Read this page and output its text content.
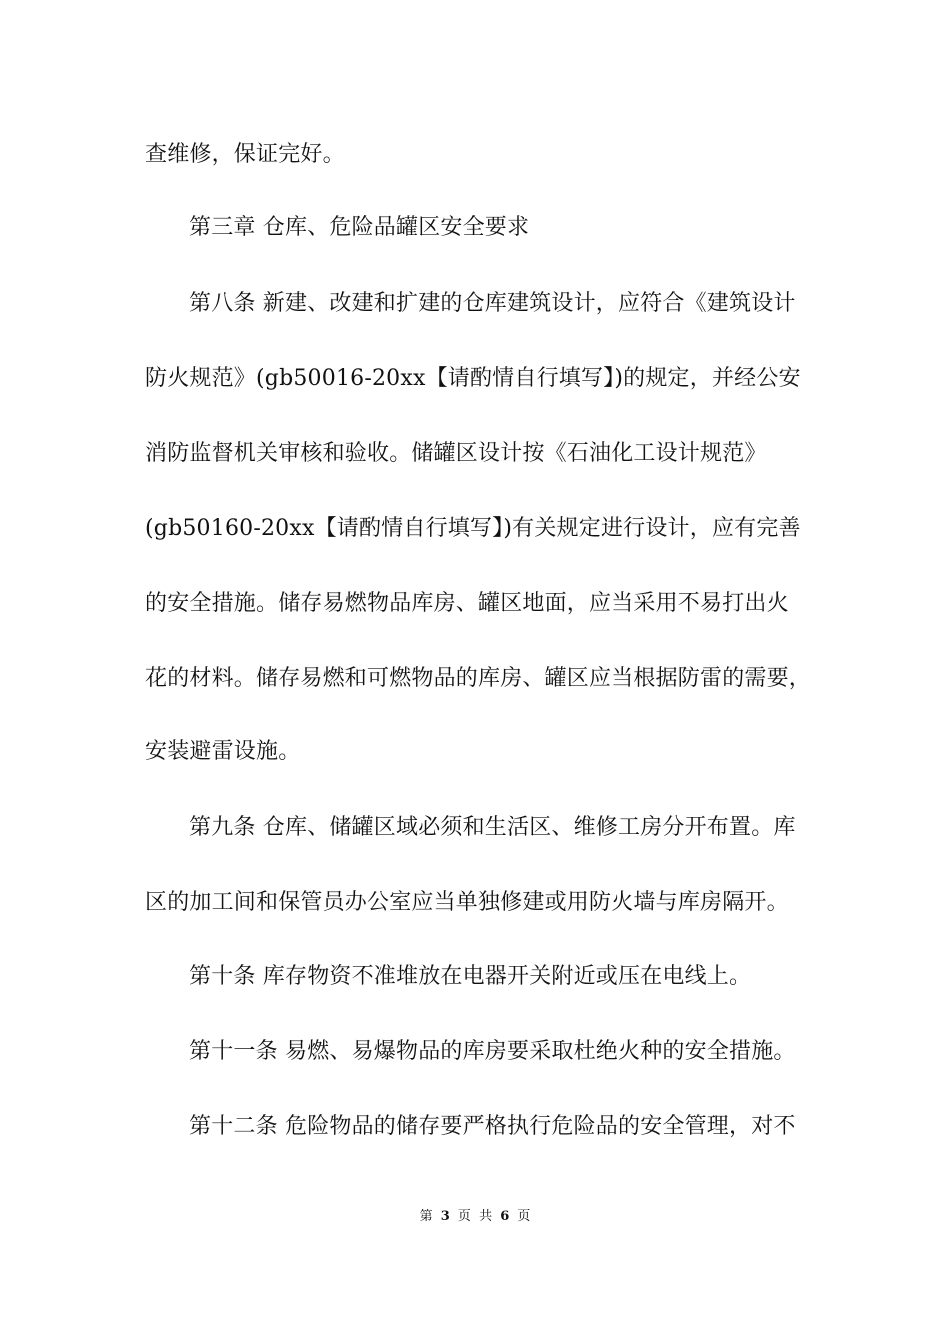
查维修，保证完好。
第三章 仓库、危险品罐区安全要求
第八条 新建、改建和扩建的仓库建筑设计，应符合《建筑设计
防火规范》(gb50016-20xx【请酌情自行填写】)的规定，并经公安
消防监督机关审核和验收。储罐区设计按《石油化工设计规范》
(gb50160-20xx【请酌情自行填写】)有关规定进行设计，应有完善
的安全措施。储存易燃物品库房、罐区地面，应当采用不易打出火
花的材料。储存易燃和可燃物品的库房、罐区应当根据防雷的需要，
安装避雷设施。
第九条 仓库、储罐区域必须和生活区、维修工房分开布置。库
区的加工间和保管员办公室应当单独修建或用防火墙与库房隔开。
第十条 库存物资不准堆放在电器开关附近或压在电线上。
第十一条 易燃、易爆物品的库房要采取杜绝火种的安全措施。
第十二条 危险物品的储存要严格执行危险品的安全管理，对不
第 3 页 共 6 页
